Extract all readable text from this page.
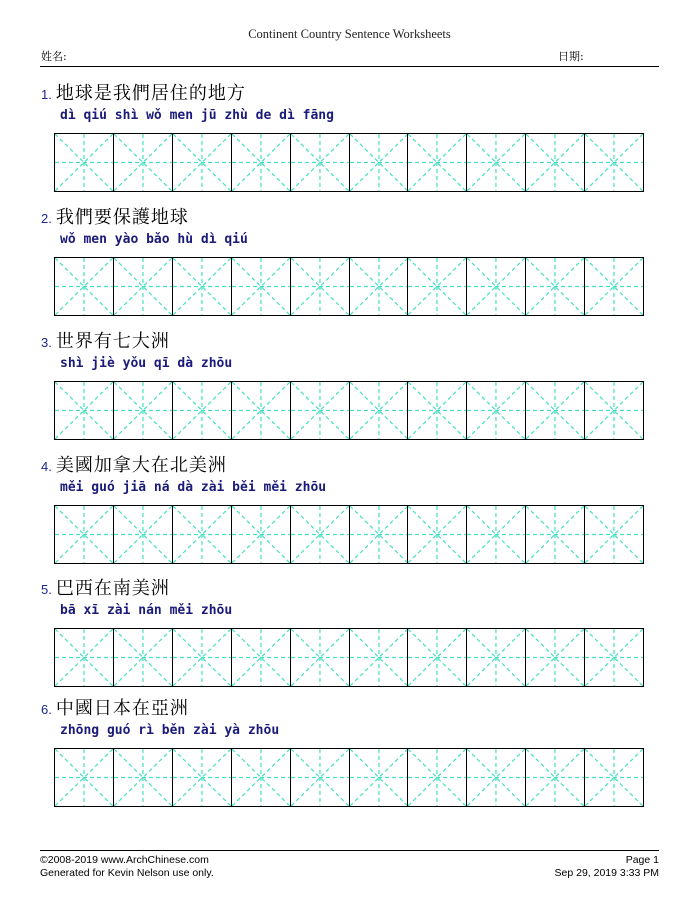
Continent Country Sentence Worksheets
姓名:	日期:
1. 地球是我們居住的地方
dì qiú shì wǒ men jū zhù de dì fāng
2. 我們要保護地球
wǒ men yào bǎo hù dì qiú
3. 世界有七大洲
shì jiè yǒu qī dà zhōu
4. 美國加拿大在北美洲
měi guó jiā ná dà zài běi měi zhōu
5. 巴西在南美洲
bā xī zài nán měi zhōu
6. 中國日本在亞洲
zhōng guó rì běn zài yà zhōu
©2008-2019 www.ArchChinese.com
Generated for Kevin Nelson use only.
Page 1
Sep 29, 2019 3:33 PM
